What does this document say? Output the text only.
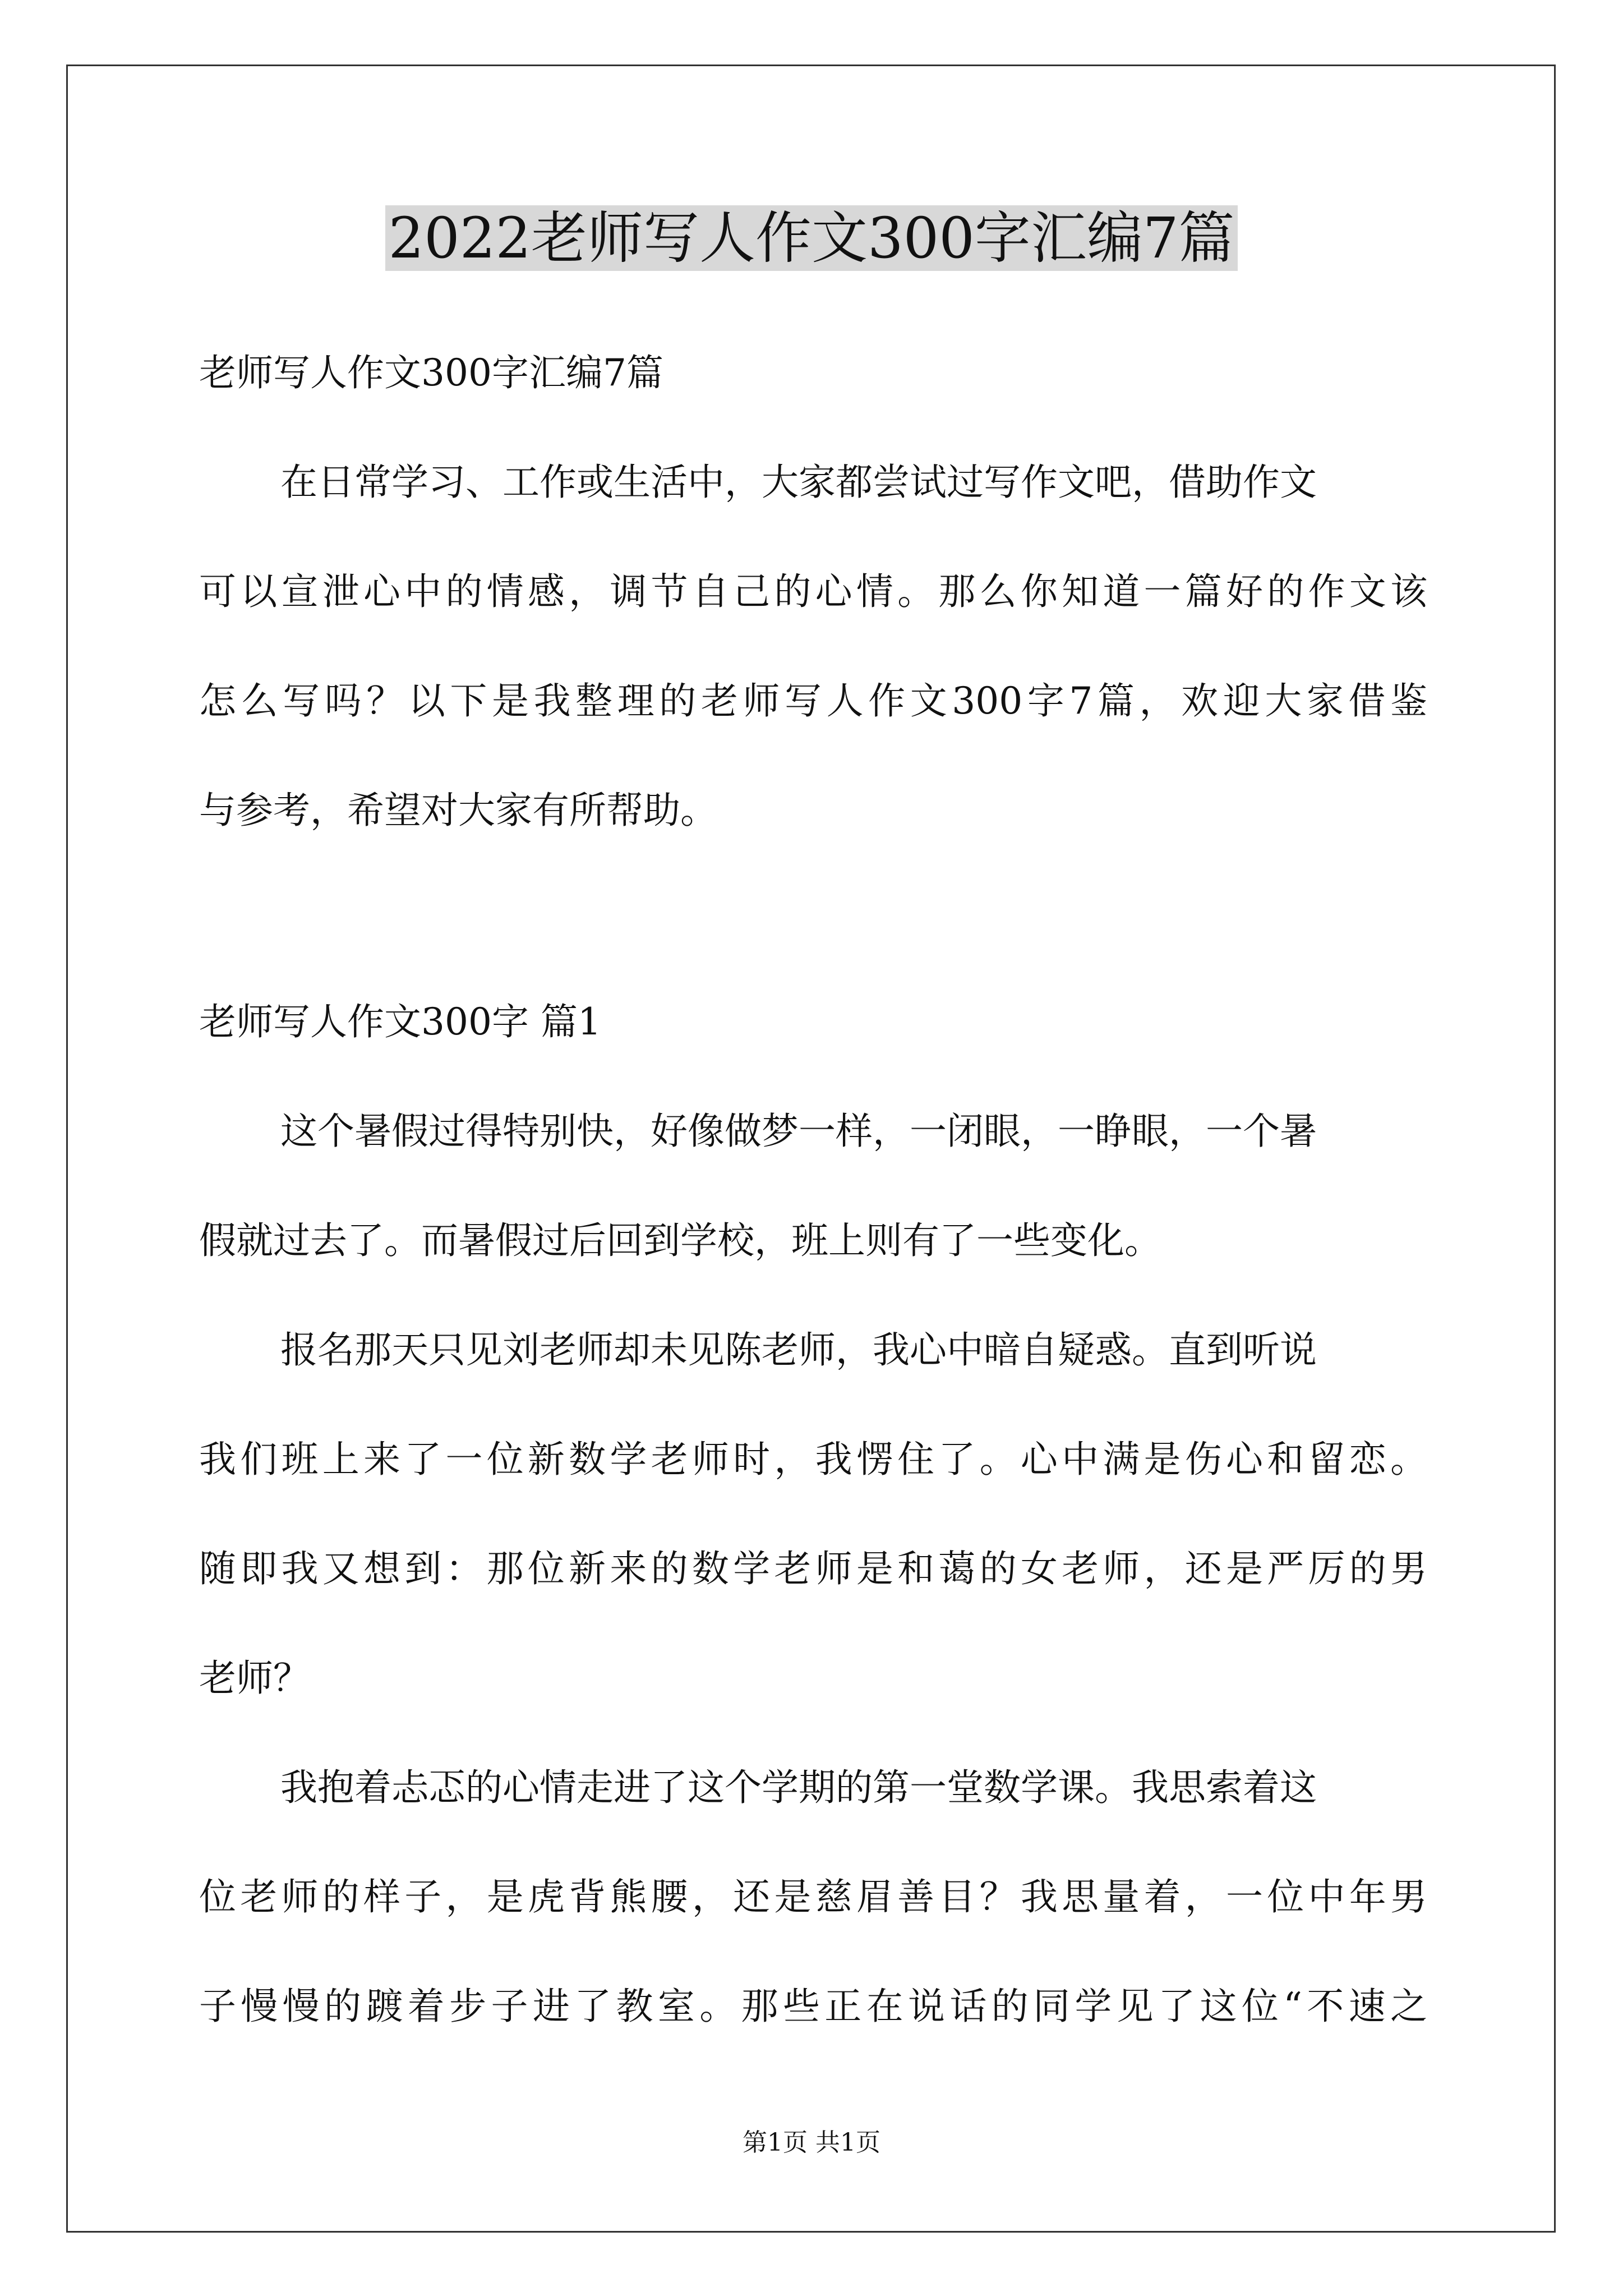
2022老师写人作文300字汇编7篇
老师写人作文300字汇编7篇
在日常学习、工作或生活中，大家都尝试过写作文吧，借助作文
可以宣泄心中的情感，调节自己的心情。那么你知道一篇好的作文该
怎么写吗？以下是我整理的老师写人作文300字7篇，欢迎大家借鉴
与参考，希望对大家有所帮助。
老师写人作文300字 篇1
这个暑假过得特别快，好像做梦一样，一闭眼，一睁眼，一个暑
假就过去了。而暑假过后回到学校，班上则有了一些变化。
报名那天只见刘老师却未见陈老师，我心中暗自疑惑。直到听说
我们班上来了一位新数学老师时，我愣住了。心中满是伤心和留恋。
随即我又想到：那位新来的数学老师是和蔼的女老师，还是严厉的男
老师？
我抱着忐忑的心情走进了这个学期的第一堂数学课。我思索着这
位老师的样子，是虎背熊腰，还是慈眉善目？我思量着，一位中年男
子慢慢的踱着步子进了教室。那些正在说话的同学见了这位“不速之
第1页 共1页
